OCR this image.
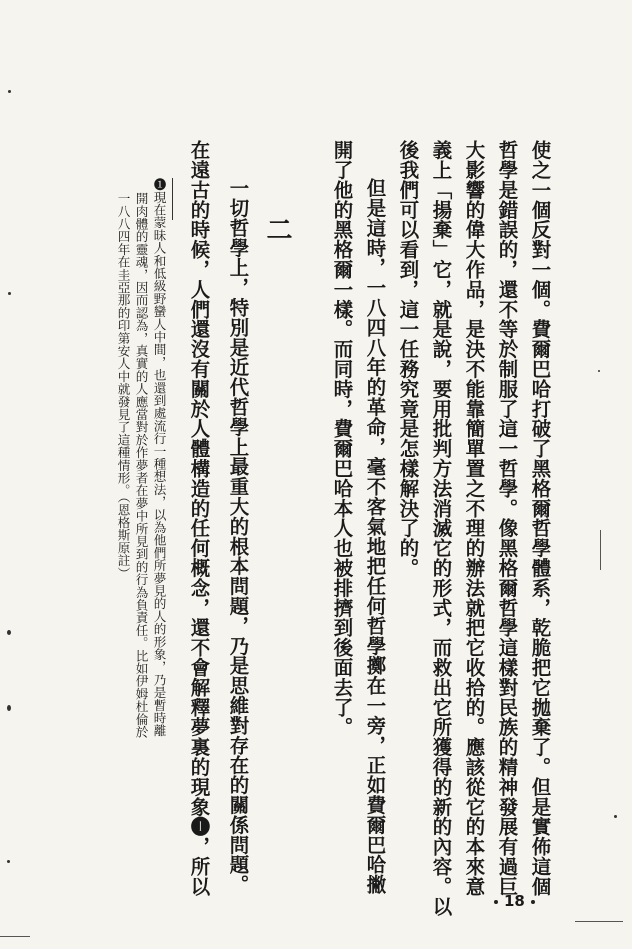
使之一個反對一個。費爾巴哈打破了黑格爾哲學體系，乾脆把它拋棄了。但是實佈這個
哲學是錯誤的，還不等於制服了這一哲學。像黑格爾哲學這樣對民族的精神發展有過巨
大影響的偉大作品，是決不能靠簡單置之不理的辦法就把它收拾的。應該從它的本來意
義上「揚棄」它，就是說，要用批判方法消滅它的形式，而救出它所獲得的新的內容。以
後我們可以看到，這一任務究竟是怎樣解決了的。
但是這時，一八四八年的革命，毫不客氣地把任何哲學擲在一旁，正如費爾巴哈撇
開了他的黑格爾一樣。而同時，費爾巴哈本人也被排擠到後面去了。
二
一切哲學上，特別是近代哲學上最重大的根本問題，乃是思維對存在的關係問題。
在遠古的時候，人們還沒有關於人體構造的任何概念，還不會解釋夢裏的現象❶，所以
❶現在蒙昧人和低級野蠻人中間，也還到處流行一種想法，以為他們所夢見的人的形象，乃是暫時離
開肉體的靈魂，因而認為，真實的人應當對於作夢者在夢中所見到的行為負責任。比如伊姆杜倫於
一八八四年在圭亞那的印第安人中就發見了這種情形。（恩格斯原註）
18
